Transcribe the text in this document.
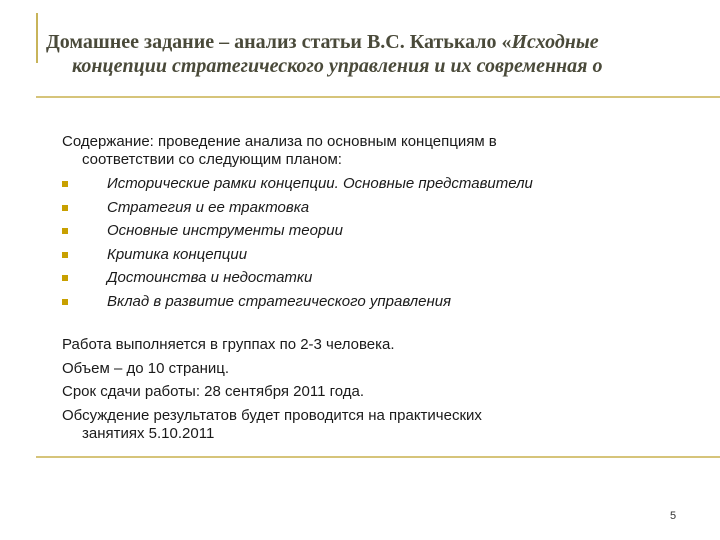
Домашнее задание – анализ статьи В.С. Катькало «Исходные
концепции стратегического управления и их современная о

Содержание: проведение анализа по основным концепциям в
соответствии со следующим планом:

Исторические рамки концепции. Основные представители
Стратегия и ее трактовка
Основные инструменты теории
Критика концепции
Достоинства и недостатки
Вклад в развитие стратегического управления

Работа выполняется в группах по 2-3 человека.

Объем – до 10 страниц.

Срок сдачи работы: 28 сентября 2011 года.

Обсуждение результатов будет проводится на практических
занятиях 5.10.2011

5
